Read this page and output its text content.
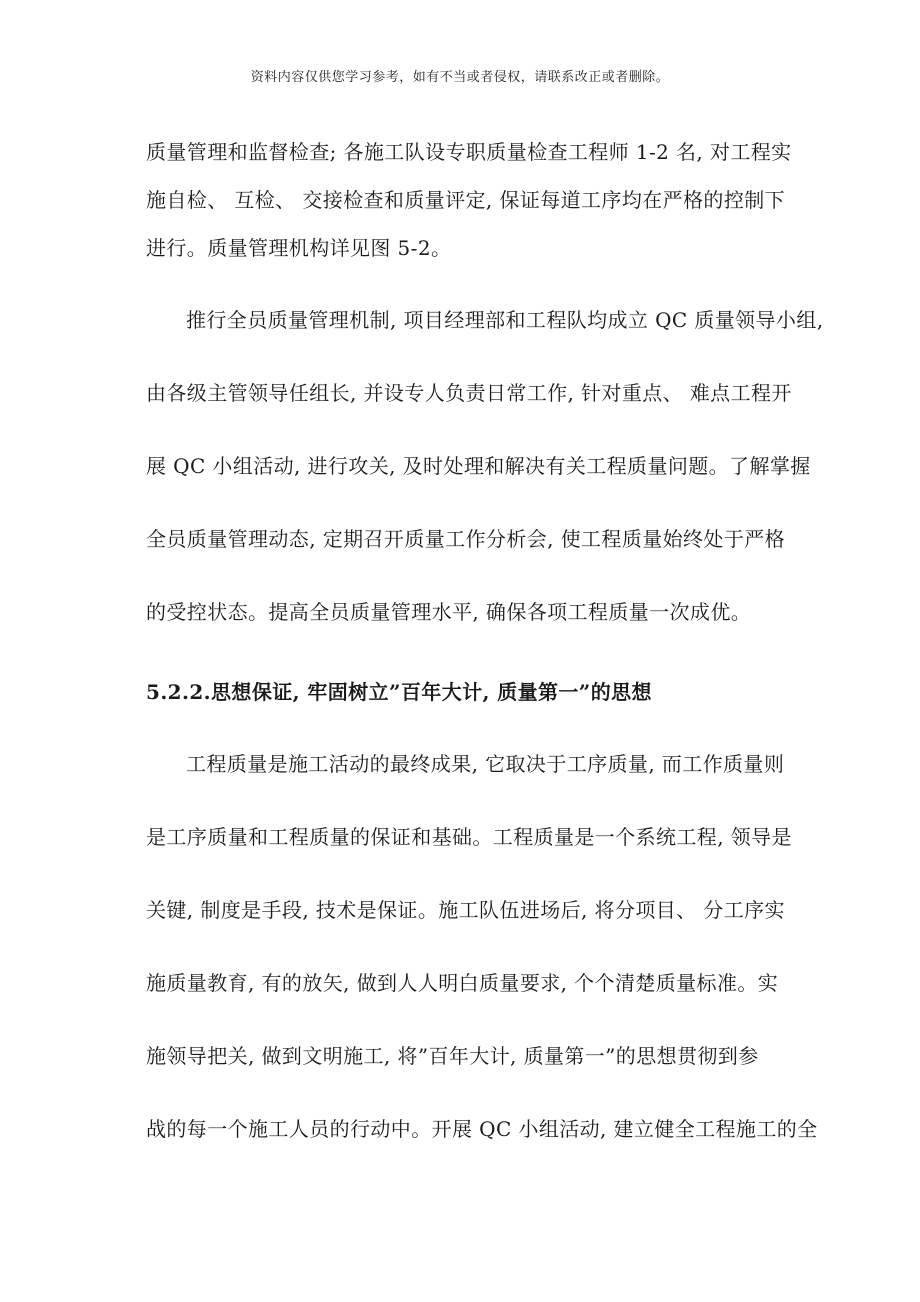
资料内容仅供您学习参考，如有不当或者侵权，请联系改正或者删除。
质量管理和监督检查; 各施工队设专职质量检查工程师 1-2 名, 对工程实
施自检、 互检、 交接检查和质量评定, 保证每道工序均在严格的控制下
进行。质量管理机构详见图 5-2。
推行全员质量管理机制, 项目经理部和工程队均成立 QC 质量领导小组,
由各级主管领导任组长, 并设专人负责日常工作, 针对重点、 难点工程开
展 QC 小组活动, 进行攻关, 及时处理和解决有关工程质量问题。了解掌握
全员质量管理动态, 定期召开质量工作分析会, 使工程质量始终处于严格
的受控状态。提高全员质量管理水平, 确保各项工程质量一次成优。
5.2.2.思想保证, 牢固树立”百年大计, 质量第一”的思想
工程质量是施工活动的最终成果, 它取决于工序质量, 而工作质量则
是工序质量和工程质量的保证和基础。工程质量是一个系统工程, 领导是
关键, 制度是手段, 技术是保证。施工队伍进场后, 将分项目、 分工序实
施质量教育, 有的放矢, 做到人人明白质量要求, 个个清楚质量标准。实
施领导把关, 做到文明施工, 将”百年大计, 质量第一”的思想贯彻到参
战的每一个施工人员的行动中。开展 QC 小组活动, 建立健全工程施工的全
